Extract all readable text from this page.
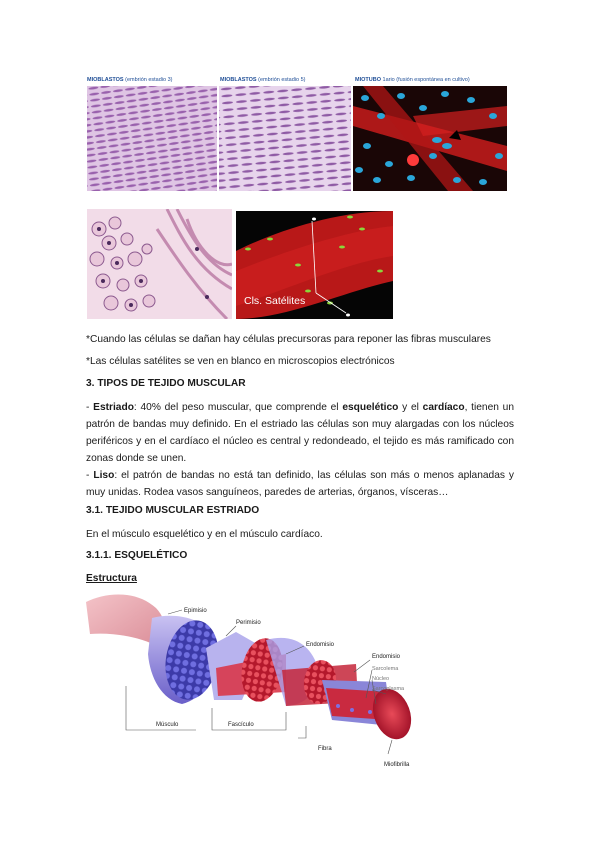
MIOBLASTOS (embrión estadio 3)	MIOBLASTOS (embrión estadio 5)	MIOTUBO 1ario (fusión espontánea en cultivo)
Cls. Satélites
*Cuando las células se dañan hay células precursoras para reponer las fibras musculares
*Las células satélites se ven en blanco en microscopios electrónicos
3. TIPOS DE TEJIDO MUSCULAR
- Estriado: 40% del peso muscular, que comprende el esquelético y el cardíaco, tienen un patrón de bandas muy definido. En el estriado las células son muy alargadas con los núcleos periféricos y en el cardíaco el núcleo es central y redondeado, el tejido es más ramificado con zonas donde se unen.
- Liso: el patrón de bandas no está tan definido, las células son más o menos aplanadas y muy unidas. Rodea vasos sanguíneos, paredes de arterias, órganos, vísceras…
3.1. TEJIDO MUSCULAR ESTRIADO
En el músculo esquelético y en el músculo cardíaco.
3.1.1. ESQUELÉTICO
Estructura
Epimisio
Perimisio
Endomisio
Endomisio
Sarcolema
Núcleo
Sarcoplasma
Músculo	Fascículo
Fibra
Miofibrilla
